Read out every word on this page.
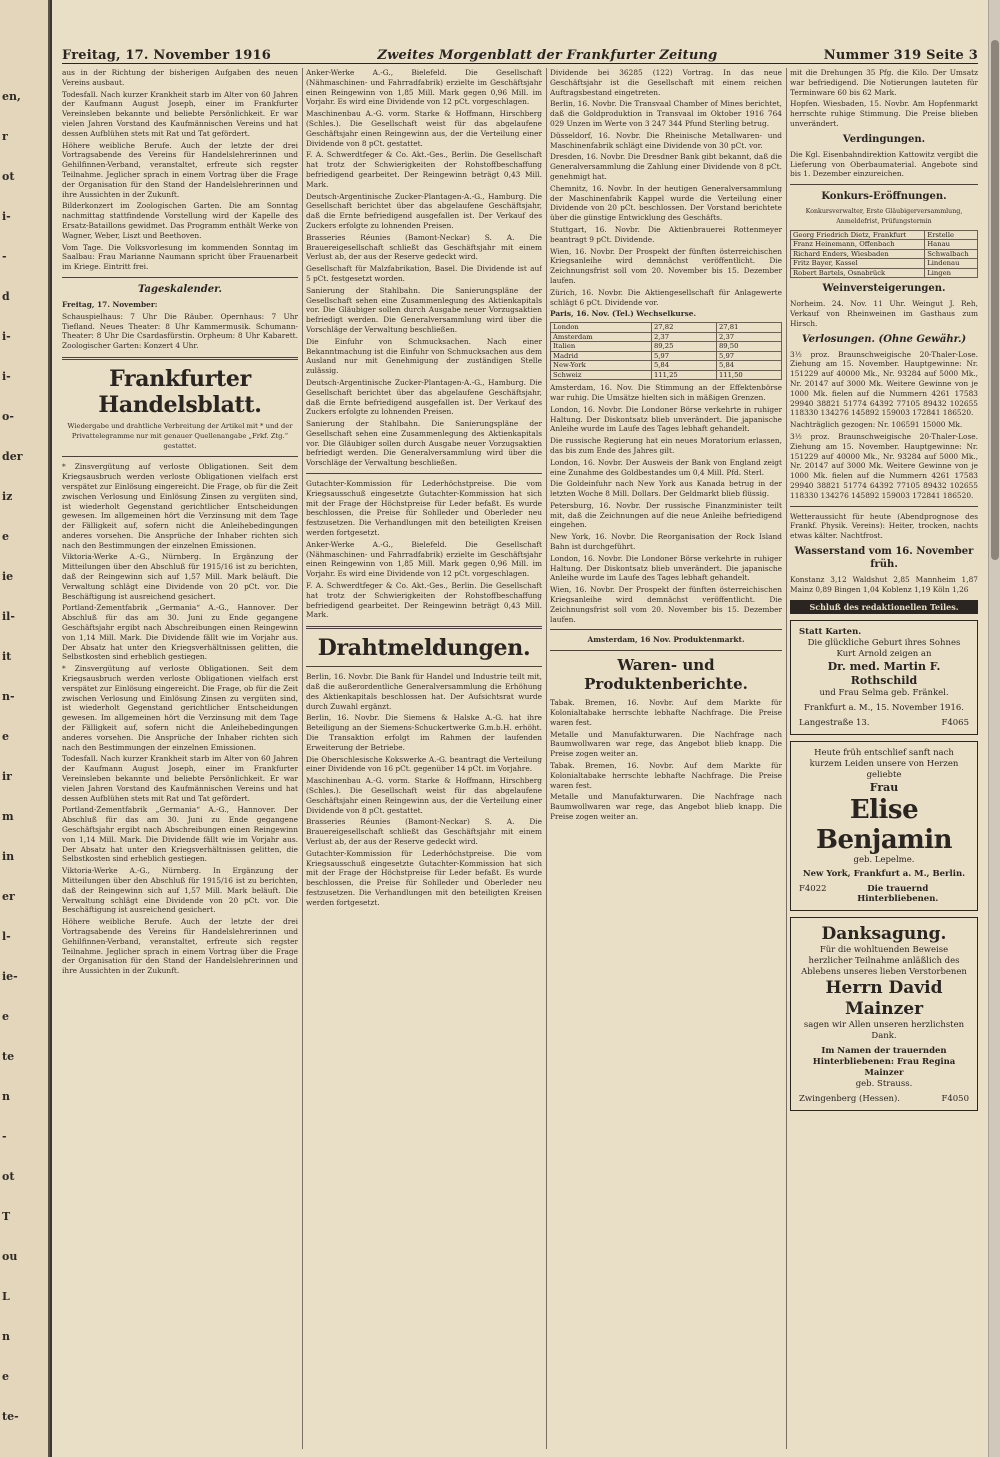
en,
r
ot
i-
-
d
i-
i-
o-
der
iz
e
ie
il-
it
n-
e
ir
m
in
er
l-
ie-
e
te
n
-
ot
T
ou
L
n
e
te-
Freitag, 17. November 1916	Zweites Morgenblatt der Frankfurter Zeitung	Nummer 319 Seite 3

aus in der Richtung der bisherigen Aufgaben des neuen Vereins ausbaut.

Todesfall. Nach kurzer Krankheit starb im Alter von 60 Jahren der Kaufmann August Joseph, einer im Frankfurter Vereinsleben bekannte und beliebte Persönlichkeit. Er war vielen Jahren Vorstand des Kaufmännischen Vereins und hat dessen Aufblühen stets mit Rat und Tat gefördert.

Höhere weibliche Berufe. Auch der letzte der drei Vortragsabende des Vereins für Handelslehrerinnen und Gehilfinnen-Verband, veranstaltet, erfreute sich regster Teilnahme. Jeglicher sprach in einem Vortrag über die Frage der Organisation für den Stand der Handelslehrerinnen und ihre Aussichten in der Zukunft.

Bilderkonzert im Zoologischen Garten. Die am Sonntag nachmittag stattfindende Vorstellung wird der Kapelle des Ersatz-Bataillons gewidmet. Das Programm enthält Werke von Wagner, Weber, Liszt und Beethoven.

Vom Tage. Die Volksvorlesung im kommenden Sonntag im Saalbau: Frau Marianne Naumann spricht über Frauenarbeit im Kriege. Eintritt frei.

Tageskalender.

Freitag, 17. November:

Schauspielhaus: 7 Uhr Die Räuber. Opernhaus: 7 Uhr Tiefland. Neues Theater: 8 Uhr Kammermusik. Schumann-Theater: 8 Uhr Die Csardasfürstin. Orpheum: 8 Uhr Kabarett. Zoologischer Garten: Konzert 4 Uhr.

Frankfurter Handelsblatt.

Wiedergabe und drahtliche Verbreitung der Artikel mit * und der Privattelegramme nur mit genauer Quellenangabe „Frkf. Ztg.“ gestattet.

* Zinsvergütung auf verloste Obligationen. Seit dem Kriegsausbruch werden verloste Obligationen vielfach erst verspätet zur Einlösung eingereicht. Die Frage, ob für die Zeit zwischen Verlosung und Einlösung Zinsen zu vergüten sind, ist wiederholt Gegenstand gerichtlicher Entscheidungen gewesen. Im allgemeinen hört die Verzinsung mit dem Tage der Fälligkeit auf, sofern nicht die Anleihebedingungen anderes vorsehen. Die Ansprüche der Inhaber richten sich nach den Bestimmungen der einzelnen Emissionen.

Viktoria-Werke A.-G., Nürnberg. In Ergänzung der Mitteilungen über den Abschluß für 1915/16 ist zu berichten, daß der Reingewinn sich auf 1,57 Mill. Mark beläuft. Die Verwaltung schlägt eine Dividende von 20 pCt. vor. Die Beschäftigung ist ausreichend gesichert.

Portland-Zementfabrik „Germania“ A.-G., Hannover. Der Abschluß für das am 30. Juni zu Ende gegangene Geschäftsjahr ergibt nach Abschreibungen einen Reingewinn von 1,14 Mill. Mark. Die Dividende fällt wie im Vorjahr aus. Der Absatz hat unter den Kriegsverhältnissen gelitten, die Selbstkosten sind erheblich gestiegen.

* Zinsvergütung auf verloste Obligationen. Seit dem Kriegsausbruch werden verloste Obligationen vielfach erst verspätet zur Einlösung eingereicht. Die Frage, ob für die Zeit zwischen Verlosung und Einlösung Zinsen zu vergüten sind, ist wiederholt Gegenstand gerichtlicher Entscheidungen gewesen. Im allgemeinen hört die Verzinsung mit dem Tage der Fälligkeit auf, sofern nicht die Anleihebedingungen anderes vorsehen. Die Ansprüche der Inhaber richten sich nach den Bestimmungen der einzelnen Emissionen.

Todesfall. Nach kurzer Krankheit starb im Alter von 60 Jahren der Kaufmann August Joseph, einer im Frankfurter Vereinsleben bekannte und beliebte Persönlichkeit. Er war vielen Jahren Vorstand des Kaufmännischen Vereins und hat dessen Aufblühen stets mit Rat und Tat gefördert.

Portland-Zementfabrik „Germania“ A.-G., Hannover. Der Abschluß für das am 30. Juni zu Ende gegangene Geschäftsjahr ergibt nach Abschreibungen einen Reingewinn von 1,14 Mill. Mark. Die Dividende fällt wie im Vorjahr aus. Der Absatz hat unter den Kriegsverhältnissen gelitten, die Selbstkosten sind erheblich gestiegen.

Viktoria-Werke A.-G., Nürnberg. In Ergänzung der Mitteilungen über den Abschluß für 1915/16 ist zu berichten, daß der Reingewinn sich auf 1,57 Mill. Mark beläuft. Die Verwaltung schlägt eine Dividende von 20 pCt. vor. Die Beschäftigung ist ausreichend gesichert.

Höhere weibliche Berufe. Auch der letzte der drei Vortragsabende des Vereins für Handelslehrerinnen und Gehilfinnen-Verband, veranstaltet, erfreute sich regster Teilnahme. Jeglicher sprach in einem Vortrag über die Frage der Organisation für den Stand der Handelslehrerinnen und ihre Aussichten in der Zukunft.

Anker-Werke A.-G., Bielefeld. Die Gesellschaft (Nähmaschinen- und Fahrradfabrik) erzielte im Geschäftsjahr einen Reingewinn von 1,85 Mill. Mark gegen 0,96 Mill. im Vorjahr. Es wird eine Dividende von 12 pCt. vorgeschlagen.

Maschinenbau A.-G. vorm. Starke & Hoffmann, Hirschberg (Schles.). Die Gesellschaft weist für das abgelaufene Geschäftsjahr einen Reingewinn aus, der die Verteilung einer Dividende von 8 pCt. gestattet.

F. A. Schwerdtfeger & Co. Akt.-Ges., Berlin. Die Gesellschaft hat trotz der Schwierigkeiten der Rohstoffbeschaffung befriedigend gearbeitet. Der Reingewinn beträgt 0,43 Mill. Mark.

Deutsch-Argentinische Zucker-Plantagen-A.-G., Hamburg. Die Gesellschaft berichtet über das abgelaufene Geschäftsjahr, daß die Ernte befriedigend ausgefallen ist. Der Verkauf des Zuckers erfolgte zu lohnenden Preisen.

Brasseries Réunies (Bamont-Neckar) S. A. Die Brauereigesellschaft schließt das Geschäftsjahr mit einem Verlust ab, der aus der Reserve gedeckt wird.

Gesellschaft für Malzfabrikation, Basel. Die Dividende ist auf 5 pCt. festgesetzt worden.

Sanierung der Stahlbahn. Die Sanierungspläne der Gesellschaft sehen eine Zusammenlegung des Aktienkapitals vor. Die Gläubiger sollen durch Ausgabe neuer Vorzugsaktien befriedigt werden. Die Generalversammlung wird über die Vorschläge der Verwaltung beschließen.

Die Einfuhr von Schmucksachen. Nach einer Bekanntmachung ist die Einfuhr von Schmucksachen aus dem Ausland nur mit Genehmigung der zuständigen Stelle zulässig.

Deutsch-Argentinische Zucker-Plantagen-A.-G., Hamburg. Die Gesellschaft berichtet über das abgelaufene Geschäftsjahr, daß die Ernte befriedigend ausgefallen ist. Der Verkauf des Zuckers erfolgte zu lohnenden Preisen.

Sanierung der Stahlbahn. Die Sanierungspläne der Gesellschaft sehen eine Zusammenlegung des Aktienkapitals vor. Die Gläubiger sollen durch Ausgabe neuer Vorzugsaktien befriedigt werden. Die Generalversammlung wird über die Vorschläge der Verwaltung beschließen.

Gutachter-Kommission für Lederhöchstpreise. Die vom Kriegsausschuß eingesetzte Gutachter-Kommission hat sich mit der Frage der Höchstpreise für Leder befaßt. Es wurde beschlossen, die Preise für Sohlleder und Oberleder neu festzusetzen. Die Verhandlungen mit den beteiligten Kreisen werden fortgesetzt.

Anker-Werke A.-G., Bielefeld. Die Gesellschaft (Nähmaschinen- und Fahrradfabrik) erzielte im Geschäftsjahr einen Reingewinn von 1,85 Mill. Mark gegen 0,96 Mill. im Vorjahr. Es wird eine Dividende von 12 pCt. vorgeschlagen.

F. A. Schwerdtfeger & Co. Akt.-Ges., Berlin. Die Gesellschaft hat trotz der Schwierigkeiten der Rohstoffbeschaffung befriedigend gearbeitet. Der Reingewinn beträgt 0,43 Mill. Mark.

Drahtmeldungen.

Berlin, 16. Novbr. Die Bank für Handel und Industrie teilt mit, daß die außerordentliche Generalversammlung die Erhöhung des Aktienkapitals beschlossen hat. Der Aufsichtsrat wurde durch Zuwahl ergänzt.

Berlin, 16. Novbr. Die Siemens & Halske A.-G. hat ihre Beteiligung an der Siemens-Schuckertwerke G.m.b.H. erhöht. Die Transaktion erfolgt im Rahmen der laufenden Erweiterung der Betriebe.

Die Oberschlesische Kokswerke A.-G. beantragt die Verteilung einer Dividende von 16 pCt. gegenüber 14 pCt. im Vorjahre.

Maschinenbau A.-G. vorm. Starke & Hoffmann, Hirschberg (Schles.). Die Gesellschaft weist für das abgelaufene Geschäftsjahr einen Reingewinn aus, der die Verteilung einer Dividende von 8 pCt. gestattet.

Brasseries Réunies (Bamont-Neckar) S. A. Die Brauereigesellschaft schließt das Geschäftsjahr mit einem Verlust ab, der aus der Reserve gedeckt wird.

Gutachter-Kommission für Lederhöchstpreise. Die vom Kriegsausschuß eingesetzte Gutachter-Kommission hat sich mit der Frage der Höchstpreise für Leder befaßt. Es wurde beschlossen, die Preise für Sohlleder und Oberleder neu festzusetzen. Die Verhandlungen mit den beteiligten Kreisen werden fortgesetzt.

Dividende bei 36285 (122) Vortrag. In das neue Geschäftsjahr ist die Gesellschaft mit einem reichen Auftragsbestand eingetreten.

Berlin, 16. Novbr. Die Transvaal Chamber of Mines berichtet, daß die Goldproduktion in Transvaal im Oktober 1916 764 029 Unzen im Werte von 3 247 344 Pfund Sterling betrug.

Düsseldorf, 16. Novbr. Die Rheinische Metallwaren- und Maschinenfabrik schlägt eine Dividende von 30 pCt. vor.

Dresden, 16. Novbr. Die Dresdner Bank gibt bekannt, daß die Generalversammlung die Zahlung einer Dividende von 8 pCt. genehmigt hat.

Chemnitz, 16. Novbr. In der heutigen Generalversammlung der Maschinenfabrik Kappel wurde die Verteilung einer Dividende von 20 pCt. beschlossen. Der Vorstand berichtete über die günstige Entwicklung des Geschäfts.

Stuttgart, 16. Novbr. Die Aktienbrauerei Rottenmeyer beantragt 9 pCt. Dividende.

Wien, 16. Novbr. Der Prospekt der fünften österreichischen Kriegsanleihe wird demnächst veröffentlicht. Die Zeichnungsfrist soll vom 20. November bis 15. Dezember laufen.

Zürich, 16. Novbr. Die Aktiengesellschaft für Anlagewerte schlägt 6 pCt. Dividende vor.

Paris, 16. Nov. (Tel.) Wechselkurse.

London	27,82	27,81
Amsterdam	2,37	2,37
Italien	89,25	89,50
Madrid	5,97	5,97
New-York	5,84	5,84
Schweiz	111,25	111,50

Amsterdam, 16. Nov. Die Stimmung an der Effektenbörse war ruhig. Die Umsätze hielten sich in mäßigen Grenzen.

London, 16. Novbr. Die Londoner Börse verkehrte in ruhiger Haltung. Der Diskontsatz blieb unverändert. Die japanische Anleihe wurde im Laufe des Tages lebhaft gehandelt.

Die russische Regierung hat ein neues Moratorium erlassen, das bis zum Ende des Jahres gilt.

London, 16. Novbr. Der Ausweis der Bank von England zeigt eine Zunahme des Goldbestandes um 0,4 Mill. Pfd. Sterl.

Die Goldeinfuhr nach New York aus Kanada betrug in der letzten Woche 8 Mill. Dollars. Der Geldmarkt blieb flüssig.

Petersburg, 16. Novbr. Der russische Finanzminister teilt mit, daß die Zeichnungen auf die neue Anleihe befriedigend eingehen.

New York, 16. Novbr. Die Reorganisation der Rock Island Bahn ist durchgeführt.

London, 16. Novbr. Die Londoner Börse verkehrte in ruhiger Haltung. Der Diskontsatz blieb unverändert. Die japanische Anleihe wurde im Laufe des Tages lebhaft gehandelt.

Wien, 16. Novbr. Der Prospekt der fünften österreichischen Kriegsanleihe wird demnächst veröffentlicht. Die Zeichnungsfrist soll vom 20. November bis 15. Dezember laufen.

Amsterdam, 16 Nov. Produktenmarkt.

Waren- und Produktenberichte.

Tabak. Bremen, 16. Novbr. Auf dem Markte für Kolonialtabake herrschte lebhafte Nachfrage. Die Preise waren fest.

Metalle und Manufakturwaren. Die Nachfrage nach Baumwollwaren war rege, das Angebot blieb knapp. Die Preise zogen weiter an.

Tabak. Bremen, 16. Novbr. Auf dem Markte für Kolonialtabake herrschte lebhafte Nachfrage. Die Preise waren fest.

Metalle und Manufakturwaren. Die Nachfrage nach Baumwollwaren war rege, das Angebot blieb knapp. Die Preise zogen weiter an.

mit die Drehungen 35 Pfg. die Kilo. Der Umsatz war befriedigend. Die Notierungen lauteten für Terminware 60 bis 62 Mark.

Hopfen. Wiesbaden, 15. Novbr. Am Hopfenmarkt herrschte ruhige Stimmung. Die Preise blieben unverändert.

Verdingungen.

Die Kgl. Eisenbahndirektion Kattowitz vergibt die Lieferung von Oberbaumaterial. Angebote sind bis 1. Dezember einzureichen.

Konkurs-Eröffnungen.

Konkursverwalter, Erste Gläubigerversammlung, Anmeldefrist, Prüfungstermin

Georg Friedrich Dietz, Frankfurt	Erstelle
Franz Heinemann, Offenbach	Hanau
Richard Enders, Wiesbaden	Schwalbach
Fritz Bayer, Kassel	Lindenau
Robert Bartels, Osnabrück	Lingen
Weinversteigerungen.

Norheim. 24. Nov. 11 Uhr. Weingut J. Reh, Verkauf von Rheinweinen im Gasthaus zum Hirsch.

Verlosungen. (Ohne Gewähr.)

3½ proz. Braunschweigische 20-Thaler-Lose. Ziehung am 15. November. Hauptgewinne: Nr. 151229 auf 40000 Mk., Nr. 93284 auf 5000 Mk., Nr. 20147 auf 3000 Mk. Weitere Gewinne von je 1000 Mk. fielen auf die Nummern 4261 17583 29940 38821 51774 64392 77105 89432 102655 118330 134276 145892 159003 172841 186520.

Nachträglich gezogen: Nr. 106591 15000 Mk.

3½ proz. Braunschweigische 20-Thaler-Lose. Ziehung am 15. November. Hauptgewinne: Nr. 151229 auf 40000 Mk., Nr. 93284 auf 5000 Mk., Nr. 20147 auf 3000 Mk. Weitere Gewinne von je 1000 Mk. fielen auf die Nummern 4261 17583 29940 38821 51774 64392 77105 89432 102655 118330 134276 145892 159003 172841 186520.

Wetteraussicht für heute (Abendprognose des Frankf. Physik. Vereins): Heiter, trocken, nachts etwas kälter. Nachtfrost.

Wasserstand vom 16. November früh.

Konstanz 3,12 Waldshut 2,85 Mannheim 1,87 Mainz 0,89 Bingen 1,04 Koblenz 1,19 Köln 1,26

Schluß des redaktionellen Teiles.
Statt Karten.
Die glückliche Geburt ihres Sohnes Kurt Arnold zeigen an
Dr. med. Martin F. Rothschild
und Frau Selma geb. Fränkel.
Frankfurt a. M., 15. November 1916.
Langestraße 13.	F4065
Heute früh entschlief sanft nach kurzem Leiden unsere von Herzen geliebte
Frau
Elise Benjamin
geb. Lepelme.
New York, Frankfurt a. M., Berlin.
F4022	Die trauernd Hinterbliebenen.
Danksagung.
Für die wohltuenden Beweise herzlicher Teilnahme anläßlich des Ablebens unseres lieben Verstorbenen
Herrn David Mainzer
sagen wir Allen unseren herzlichsten Dank.
Im Namen der trauernden Hinterbliebenen: Frau Regina Mainzer
geb. Strauss.
Zwingenberg (Hessen).	F4050
